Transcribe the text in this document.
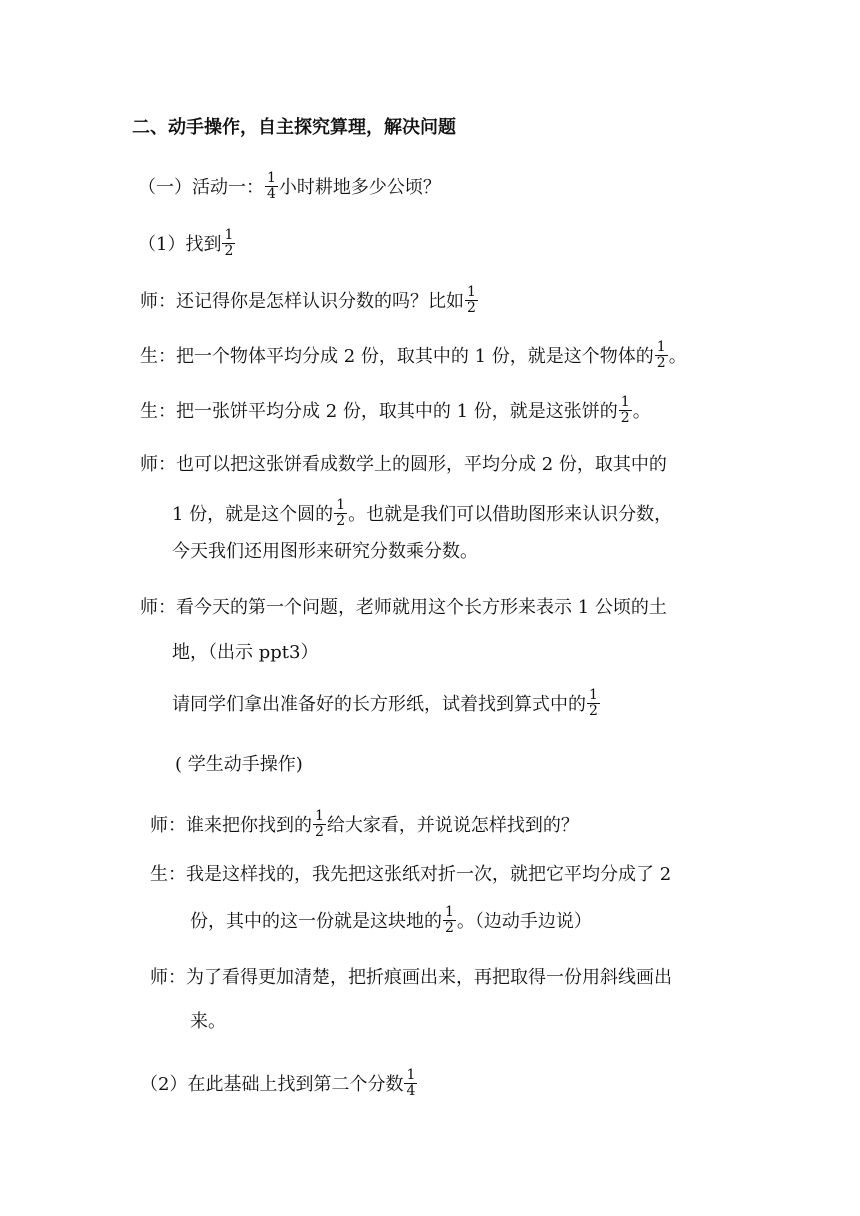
二、动手操作，自主探究算理，解决问题
（一）活动一： $\frac{1}{4}$ 小时耕地多少公顷？
（1）找到 $\frac{1}{2}$
师：还记得你是怎样认识分数的吗？比如 $\frac{1}{2}$
生：把一个物体平均分成 2 份，取其中的 1 份，就是这个物体的 $\frac{1}{2}$ 。
生：把一张饼平均分成 2 份，取其中的 1 份，就是这张饼的 $\frac{1}{2}$ 。
师：也可以把这张饼看成数学上的圆形，平均分成 2 份，取其中的
1 份，就是这个圆的 $\frac{1}{2}$ 。也就是我们可以借助图形来认识分数，
今天我们还用图形来研究分数乘分数。
师：看今天的第一个问题，老师就用这个长方形来表示 1 公顷的土
地，（出示 ppt3）
请同学们拿出准备好的长方形纸，试着找到算式中的 $\frac{1}{2}$
( 学生动手操作)
师：谁来把你找到的 $\frac{1}{2}$ 给大家看，并说说怎样找到的？
生：我是这样找的，我先把这张纸对折一次，就把它平均分成了 2
份，其中的这一份就是这块地的 $\frac{1}{2}$ 。（边动手边说）
师：为了看得更加清楚，把折痕画出来，再把取得一份用斜线画出
来。
（2）在此基础上找到第二个分数 $\frac{1}{4}$
